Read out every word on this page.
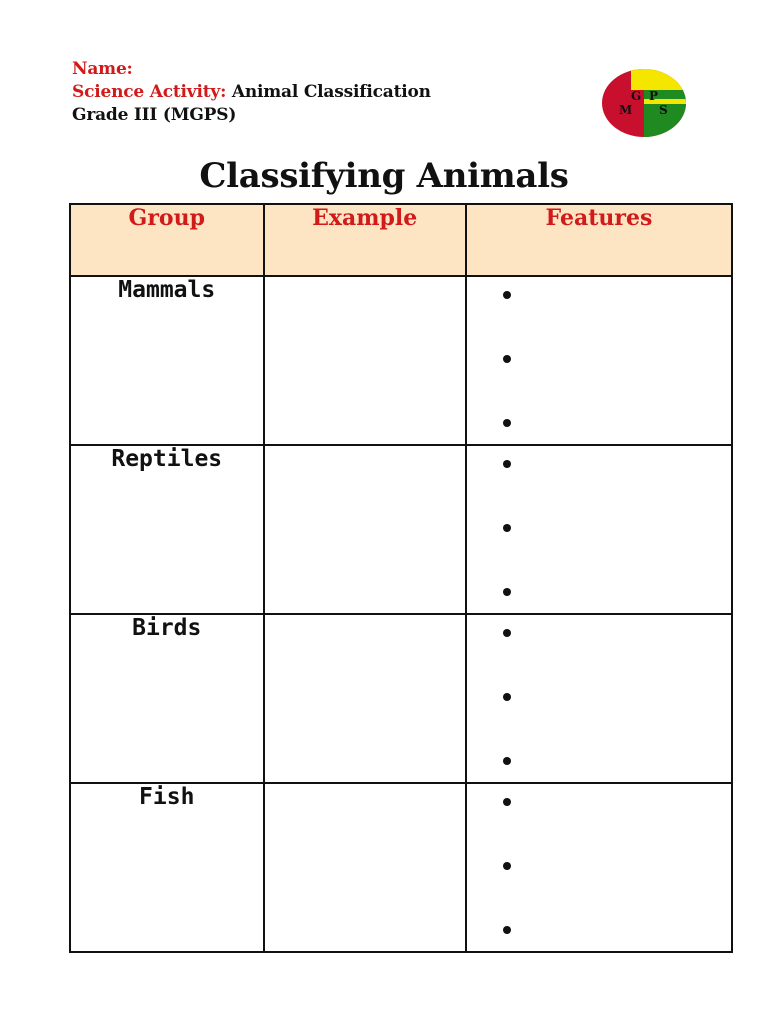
Name:
Science Activity: Animal Classification
Grade III (MGPS)
G P
M S
Classifying Animals
Group	Example	Features
Mammals		

Reptiles		

Birds		

Fish		
